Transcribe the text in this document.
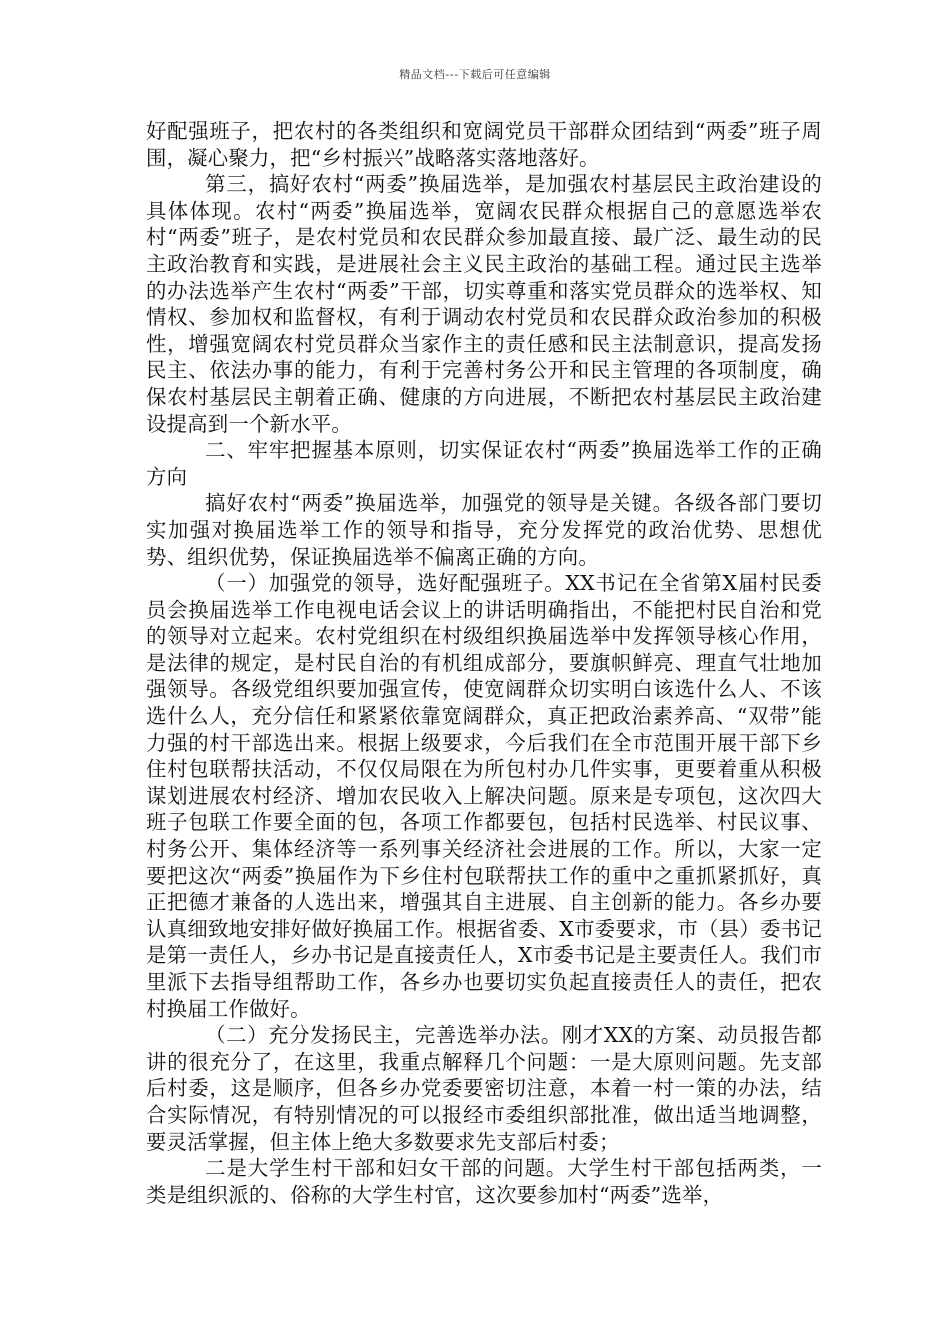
精品文档---下载后可任意编辑

好配强班子，把农村的各类组织和宽阔党员干部群众团结到“两委”班子周围，凝心聚力，把“乡村振兴”战略落实落地落好。

第三，搞好农村“两委”换届选举，是加强农村基层民主政治建设的具体体现。农村“两委”换届选举，宽阔农民群众根据自己的意愿选举农村“两委”班子，是农村党员和农民群众参加最直接、最广泛、最生动的民主政治教育和实践，是进展社会主义民主政治的基础工程。通过民主选举的办法选举产生农村“两委”干部，切实尊重和落实党员群众的选举权、知情权、参加权和监督权，有利于调动农村党员和农民群众政治参加的积极性，增强宽阔农村党员群众当家作主的责任感和民主法制意识，提高发扬民主、依法办事的能力，有利于完善村务公开和民主管理的各项制度，确保农村基层民主朝着正确、健康的方向进展，不断把农村基层民主政治建设提高到一个新水平。

二、牢牢把握基本原则，切实保证农村“两委”换届选举工作的正确方向

搞好农村“两委”换届选举，加强党的领导是关键。各级各部门要切实加强对换届选举工作的领导和指导，充分发挥党的政治优势、思想优势、组织优势，保证换届选举不偏离正确的方向。

（一）加强党的领导，选好配强班子。XX书记在全省第X届村民委员会换届选举工作电视电话会议上的讲话明确指出，不能把村民自治和党的领导对立起来。农村党组织在村级组织换届选举中发挥领导核心作用，是法律的规定，是村民自治的有机组成部分，要旗帜鲜亮、理直气壮地加强领导。各级党组织要加强宣传，使宽阔群众切实明白该选什么人、不该选什么人，充分信任和紧紧依靠宽阔群众，真正把政治素养高、“双带”能力强的村干部选出来。根据上级要求，今后我们在全市范围开展干部下乡住村包联帮扶活动，不仅仅局限在为所包村办几件实事，更要着重从积极谋划进展农村经济、增加农民收入上解决问题。原来是专项包，这次四大班子包联工作要全面的包，各项工作都要包，包括村民选举、村民议事、村务公开、集体经济等一系列事关经济社会进展的工作。所以，大家一定要把这次“两委”换届作为下乡住村包联帮扶工作的重中之重抓紧抓好，真正把德才兼备的人选出来，增强其自主进展、自主创新的能力。各乡办要认真细致地安排好做好换届工作。根据省委、X市委要求，市（县）委书记是第一责任人，乡办书记是直接责任人，X市委书记是主要责任人。我们市里派下去指导组帮助工作，各乡办也要切实负起直接责任人的责任，把农村换届工作做好。

（二）充分发扬民主，完善选举办法。刚才XX的方案、动员报告都讲的很充分了，在这里，我重点解释几个问题：一是大原则问题。先支部后村委，这是顺序，但各乡办党委要密切注意，本着一村一策的办法，结合实际情况，有特别情况的可以报经市委组织部批准，做出适当地调整，要灵活掌握，但主体上绝大多数要求先支部后村委；

二是大学生村干部和妇女干部的问题。大学生村干部包括两类，一类是组织派的、俗称的大学生村官，这次要参加村“两委”选举，
